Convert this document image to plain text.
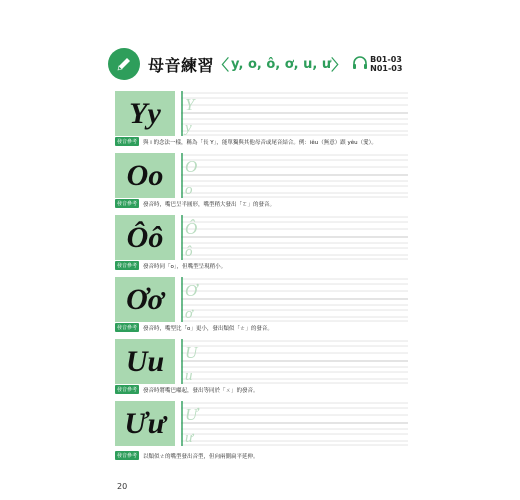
母音練習 〈 y, o, ô, ơ, u, ư 〉	B01-03
N01-03
Yy Y
y
發音參考	與 i 的念法一樣，稱為「長 Y」，能單獨與其他母音或尾音結合。例：iêu（無意）跟 yêu（愛）。
Oo O
o
發音參考	發音時，嘴巴呈半圓形，嘴型稍大發出「ㄛ」的發音。
Ôô Ô
ô
發音參考	發音時同「o」，但嘴型呈現稍小。
Ơơ Ơ
ơ
發音參考	發音時，嘴型比「o」更小，發出類似「ㄜ」的發音。
Uu U
u
發音參考	發音時將嘴巴嘟起，發出等同於「ㄨ」的發音。
Ưư Ư
ư
發音參考	以類似ㄜ的嘴型發出音型，但向兩側扁平延伸。
20
